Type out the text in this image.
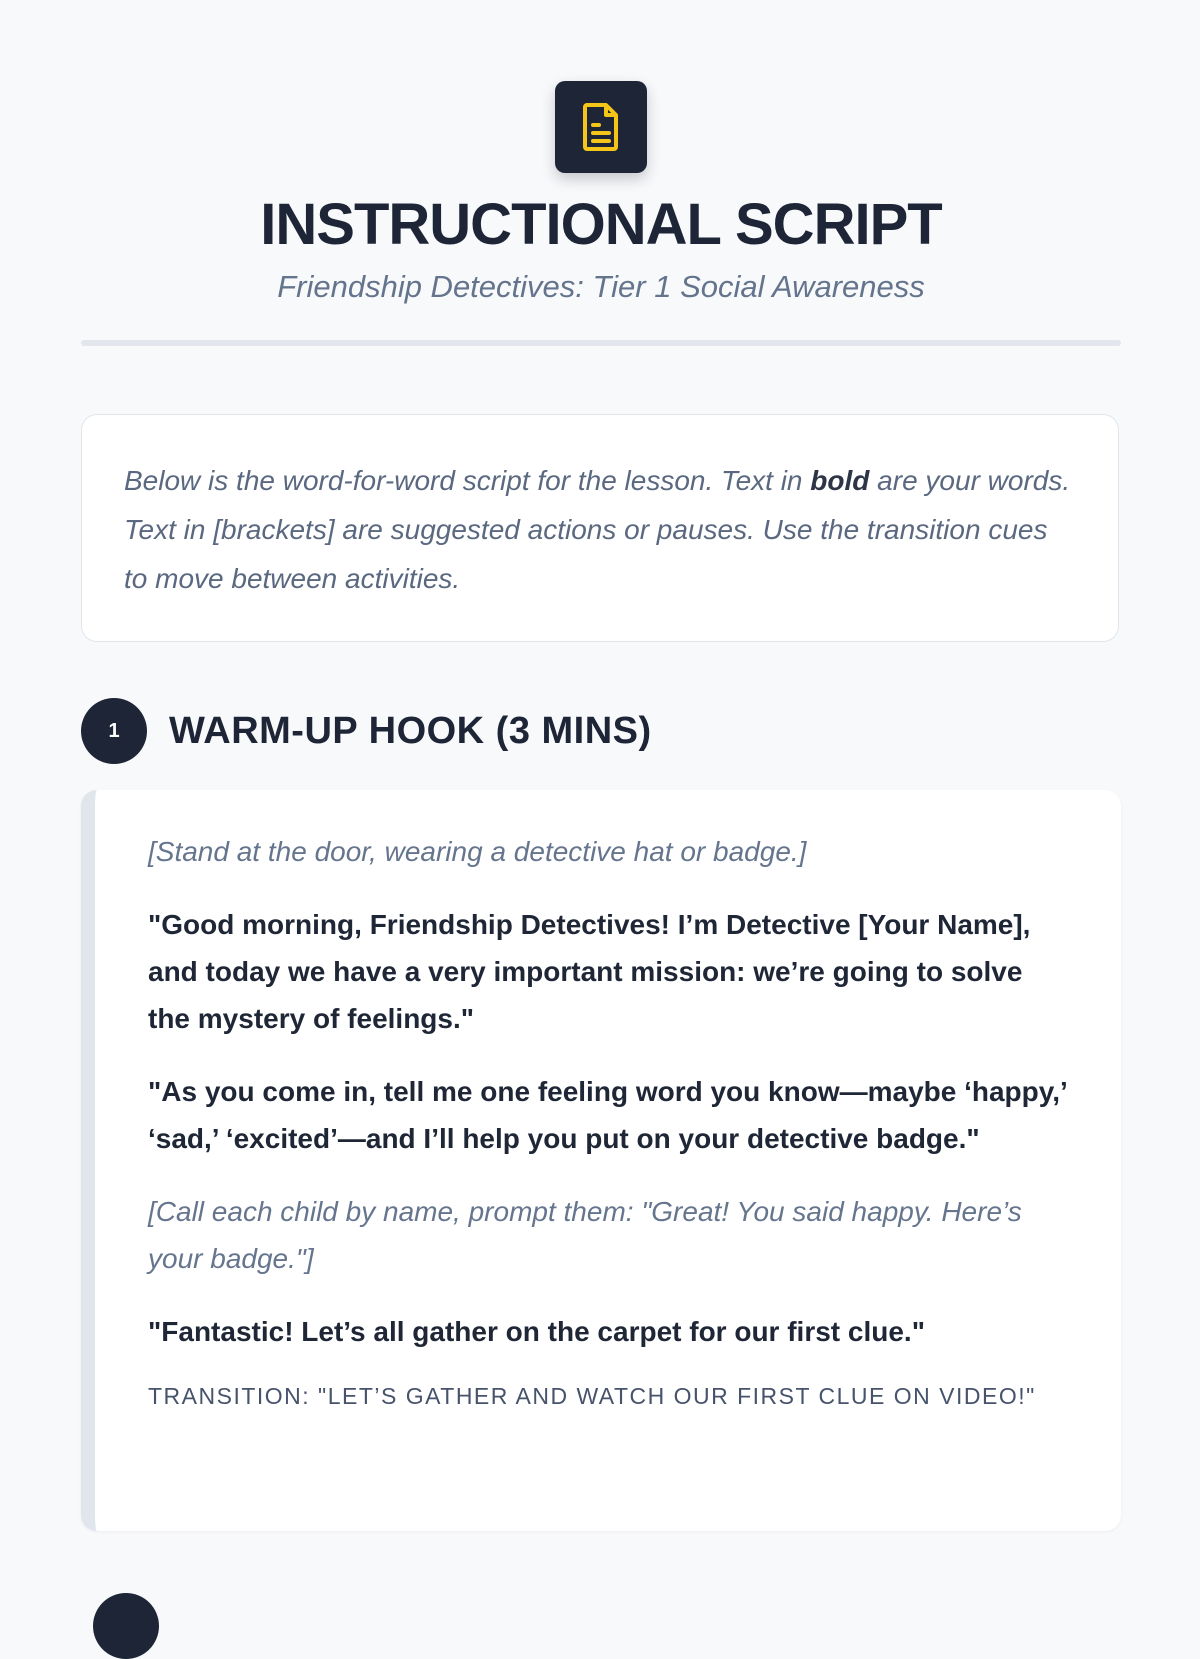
INSTRUCTIONAL SCRIPT
Friendship Detectives: Tier 1 Social Awareness
Below is the word-for-word script for the lesson. Text in bold are your words. Text in [brackets] are suggested actions or pauses. Use the transition cues to move between activities.
1	WARM-UP HOOK (3 MINS)

[Stand at the door, wearing a detective hat or badge.]

"Good morning, Friendship Detectives! I’m Detective [Your Name], and today we have a very important mission: we’re going to solve the mystery of feelings."

"As you come in, tell me one feeling word you know—maybe ‘happy,’ ‘sad,’ ‘excited’—and I’ll help you put on your detective badge."

[Call each child by name, prompt them: "Great! You said happy. Here’s your badge."]

"Fantastic! Let’s all gather on the carpet for our first clue."

TRANSITION: "LET’S GATHER AND WATCH OUR FIRST CLUE ON VIDEO!"
